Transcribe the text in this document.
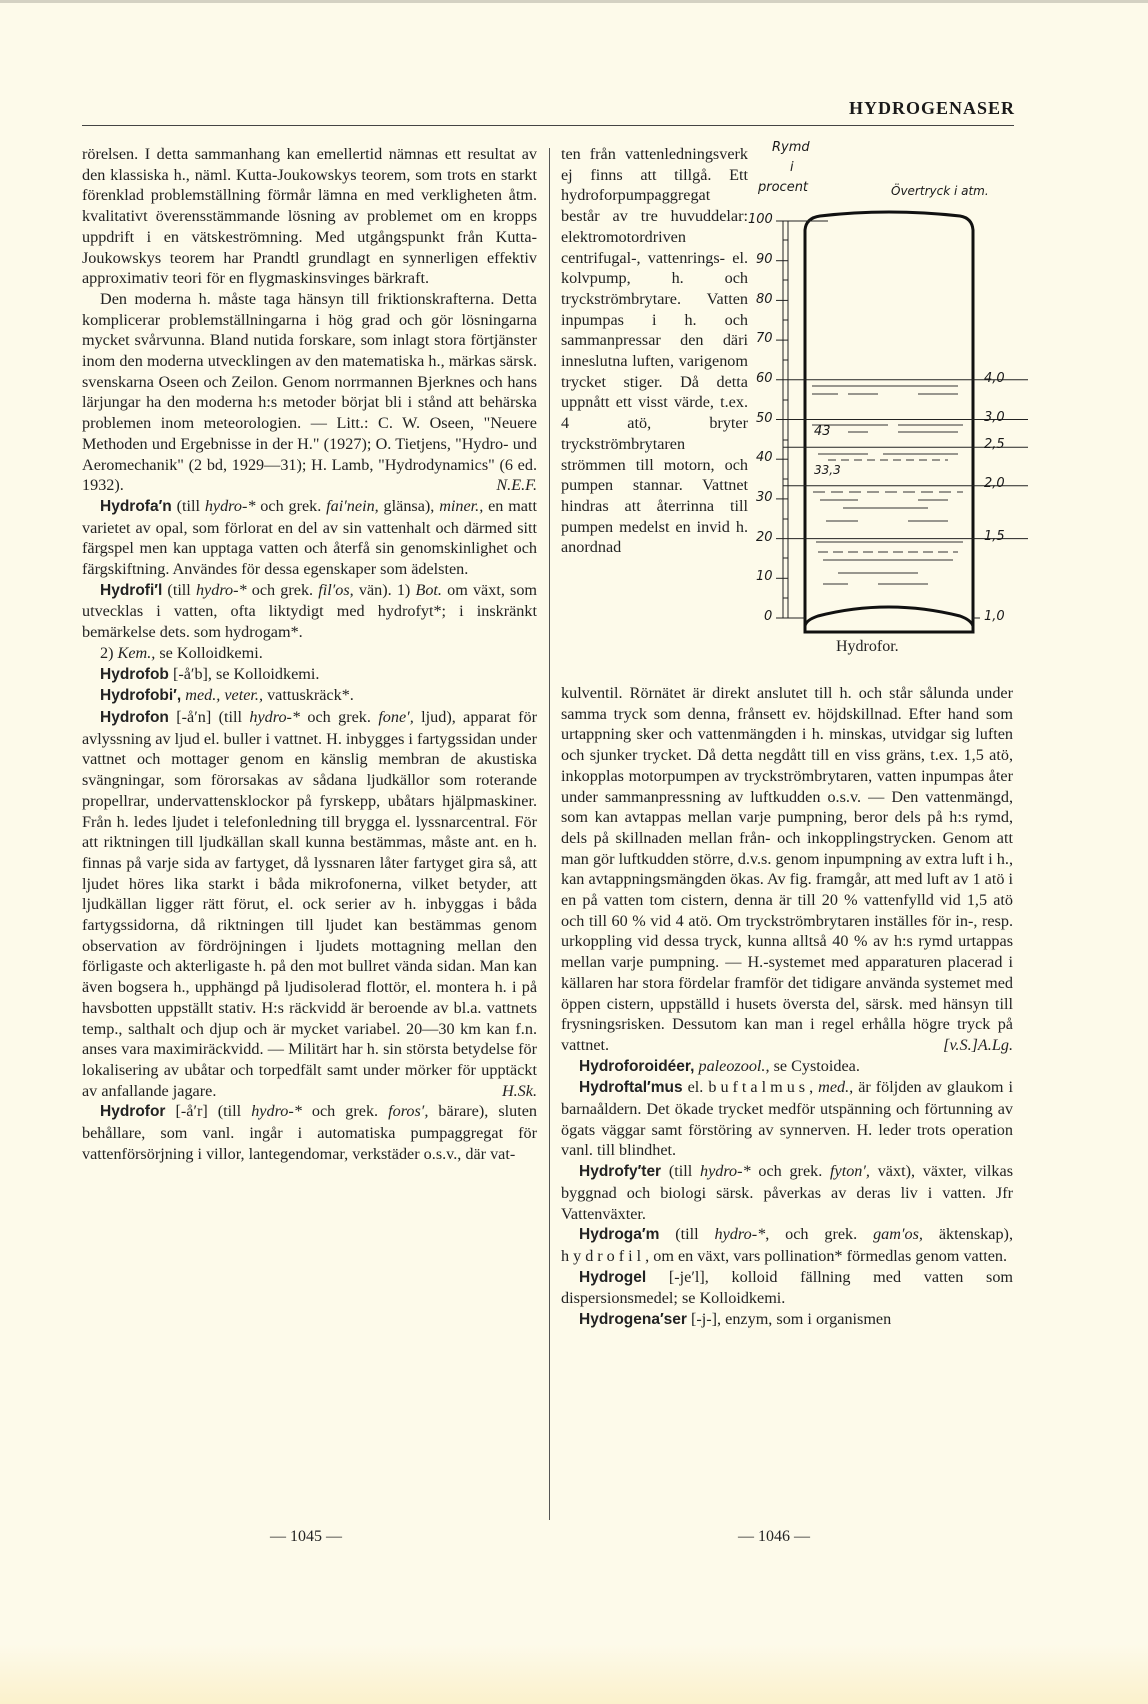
HYDROGENASER

rörelsen. I detta sammanhang kan emellertid nämnas ett resultat av den klassiska h., näml. Kutta-Joukowskys teorem, som trots en starkt förenklad problemställning förmår lämna en med verkligheten åtm. kvalitativt överensstämmande lösning av problemet om en kropps uppdrift i en vätskeströmning. Med utgångspunkt från Kutta-Joukowskys teorem har Prandtl grundlagt en synnerligen effektiv approximativ teori för en flygmaskinsvinges bärkraft.

Den moderna h. måste taga hänsyn till friktionskrafterna. Detta komplicerar problemställningarna i hög grad och gör lösningarna mycket svårvunna. Bland nutida forskare, som inlagt stora förtjänster inom den moderna utvecklingen av den matematiska h., märkas särsk. svenskarna Oseen och Zeilon. Genom norrmannen Bjerknes och hans lärjungar ha den moderna h:s metoder börjat bli i stånd att behärska problemen inom meteorologien. — Litt.: C. W. Oseen, "Neuere Methoden und Ergebnisse in der H." (1927); O. Tietjens, "Hydro- und Aeromechanik" (2 bd, 1929—31); H. Lamb, "Hydrodynamics" (6 ed. 1932).	N.E.F.

Hydrofa′n (till hydro-* och grek. fai′nein, glänsa), miner., en matt varietet av opal, som förlorat en del av sin vattenhalt och därmed sitt färgspel men kan upptaga vatten och återfå sin genomskinlighet och färgskiftning. Användes för dessa egenskaper som ädelsten.

Hydrofi′l (till hydro-* och grek. fil′os, vän). 1) Bot. om växt, som utvecklas i vatten, ofta liktydigt med hydrofyt*; i inskränkt bemärkelse dets. som hydrogam*.

2) Kem., se Kolloidkemi.

Hydrofob [-å′b], se Kolloidkemi.

Hydrofobi′, med., veter., vattuskräck*.

Hydrofon [-å′n] (till hydro-* och grek. fone′, ljud), apparat för avlyssning av ljud el. buller i vattnet. H. inbygges i fartygssidan under vattnet och mottager genom en känslig membran de akustiska svängningar, som förorsakas av sådana ljudkällor som roterande propellrar, undervattensklockor på fyrskepp, ubåtars hjälpmaskiner. Från h. ledes ljudet i telefonledning till brygga el. lyssnarcentral. För att riktningen till ljudkällan skall kunna bestämmas, måste ant. en h. finnas på varje sida av fartyget, då lyssnaren låter fartyget gira så, att ljudet höres lika starkt i båda mikrofonerna, vilket betyder, att ljudkällan ligger rätt förut, el. ock serier av h. inbyggas i båda fartygssidorna, då riktningen till ljudet kan bestämmas genom observation av fördröjningen i ljudets mottagning mellan den förligaste och akterligaste h. på den mot bullret vända sidan. Man kan även bogsera h., upphängd på ljudisolerad flottör, el. montera h. i på havsbotten uppställt stativ. H:s räckvidd är beroende av bl.a. vattnets temp., salthalt och djup och är mycket variabel. 20—30 km kan f.n. anses vara maximiräckvidd. — Militärt har h. sin största betydelse för lokalisering av ubåtar och torpedfält samt under mörker för upptäckt av anfallande jagare.	H.Sk.

Hydrofor [-å′r] (till hydro-* och grek. foros′, bärare), sluten behållare, som vanl. ingår i automatiska pumpaggregat för vattenförsörjning i villor, lantegendomar, verkstäder o.s.v., där vat-

ten från vattenledningsverk ej finns att tillgå. Ett hydroforpumpaggregat består av tre huvuddelar: elektromotordriven centrifugal-, vattenrings- el. kolvpump, h. och tryckströmbrytare. Vatten inpumpas i h. och sammanpressar den däri inneslutna luften, varigenom trycket stiger. Då detta uppnått ett visst värde, t.ex. 4 atö, bryter tryckströmbrytaren strömmen till motorn, och pumpen stannar. Vattnet hindras att återrinna till pumpen medelst en invid h. anordnad

Rymd
i
procent	Övertryck i atm.
100
90
80
70
60
50
40
30
20
10
0
43
33,3
4,0
3,0
2,5
2,0
1,5
1,0
Hydrofor.

kulventil. Rörnätet är direkt anslutet till h. och står sålunda under samma tryck som denna, frånsett ev. höjdskillnad. Efter hand som urtappning sker och vattenmängden i h. minskas, utvidgar sig luften och sjunker trycket. Då detta negdått till en viss gräns, t.ex. 1,5 atö, inkopplas motorpumpen av tryckströmbrytaren, vatten inpumpas åter under sammanpressning av luftkudden o.s.v. — Den vattenmängd, som kan avtappas mellan varje pumpning, beror dels på h:s rymd, dels på skillnaden mellan från- och inkopplingstrycken. Genom att man gör luftkudden större, d.v.s. genom inpumpning av extra luft i h., kan avtappningsmängden ökas. Av fig. framgår, att med luft av 1 atö i en på vatten tom cistern, denna är till 20 % vattenfylld vid 1,5 atö och till 60 % vid 4 atö. Om tryckströmbrytaren inställes för in-, resp. urkoppling vid dessa tryck, kunna alltså 40 % av h:s rymd urtappas mellan varje pumpning. — H.-systemet med apparaturen placerad i källaren har stora fördelar framför det tidigare använda systemet med öppen cistern, uppställd i husets översta del, särsk. med hänsyn till frysningsrisken. Dessutom kan man i regel erhålla högre tryck på vattnet.	[v.S.]A.Lg.

Hydroforoidéer, paleozool., se Cystoidea.

Hydroftal′mus el. buftalmus, med., är följden av glaukom i barnaåldern. Det ökade trycket medför utspänning och förtunning av ögats väggar samt förstöring av synnerven. H. leder trots operation vanl. till blindhet.

Hydrofy′ter (till hydro-* och grek. fyton′, växt), växter, vilkas byggnad och biologi särsk. påverkas av deras liv i vatten. Jfr Vattenväxter.

Hydroga′m (till hydro-*, och grek. gam′os, äktenskap), hydrofil, om en växt, vars pollination* förmedlas genom vatten.

Hydrogel [-je′l], kolloid fällning med vatten som dispersionsmedel; se Kolloidkemi.

Hydrogena′ser [-j-], enzym, som i organismen

— 1045 —	— 1046 —
